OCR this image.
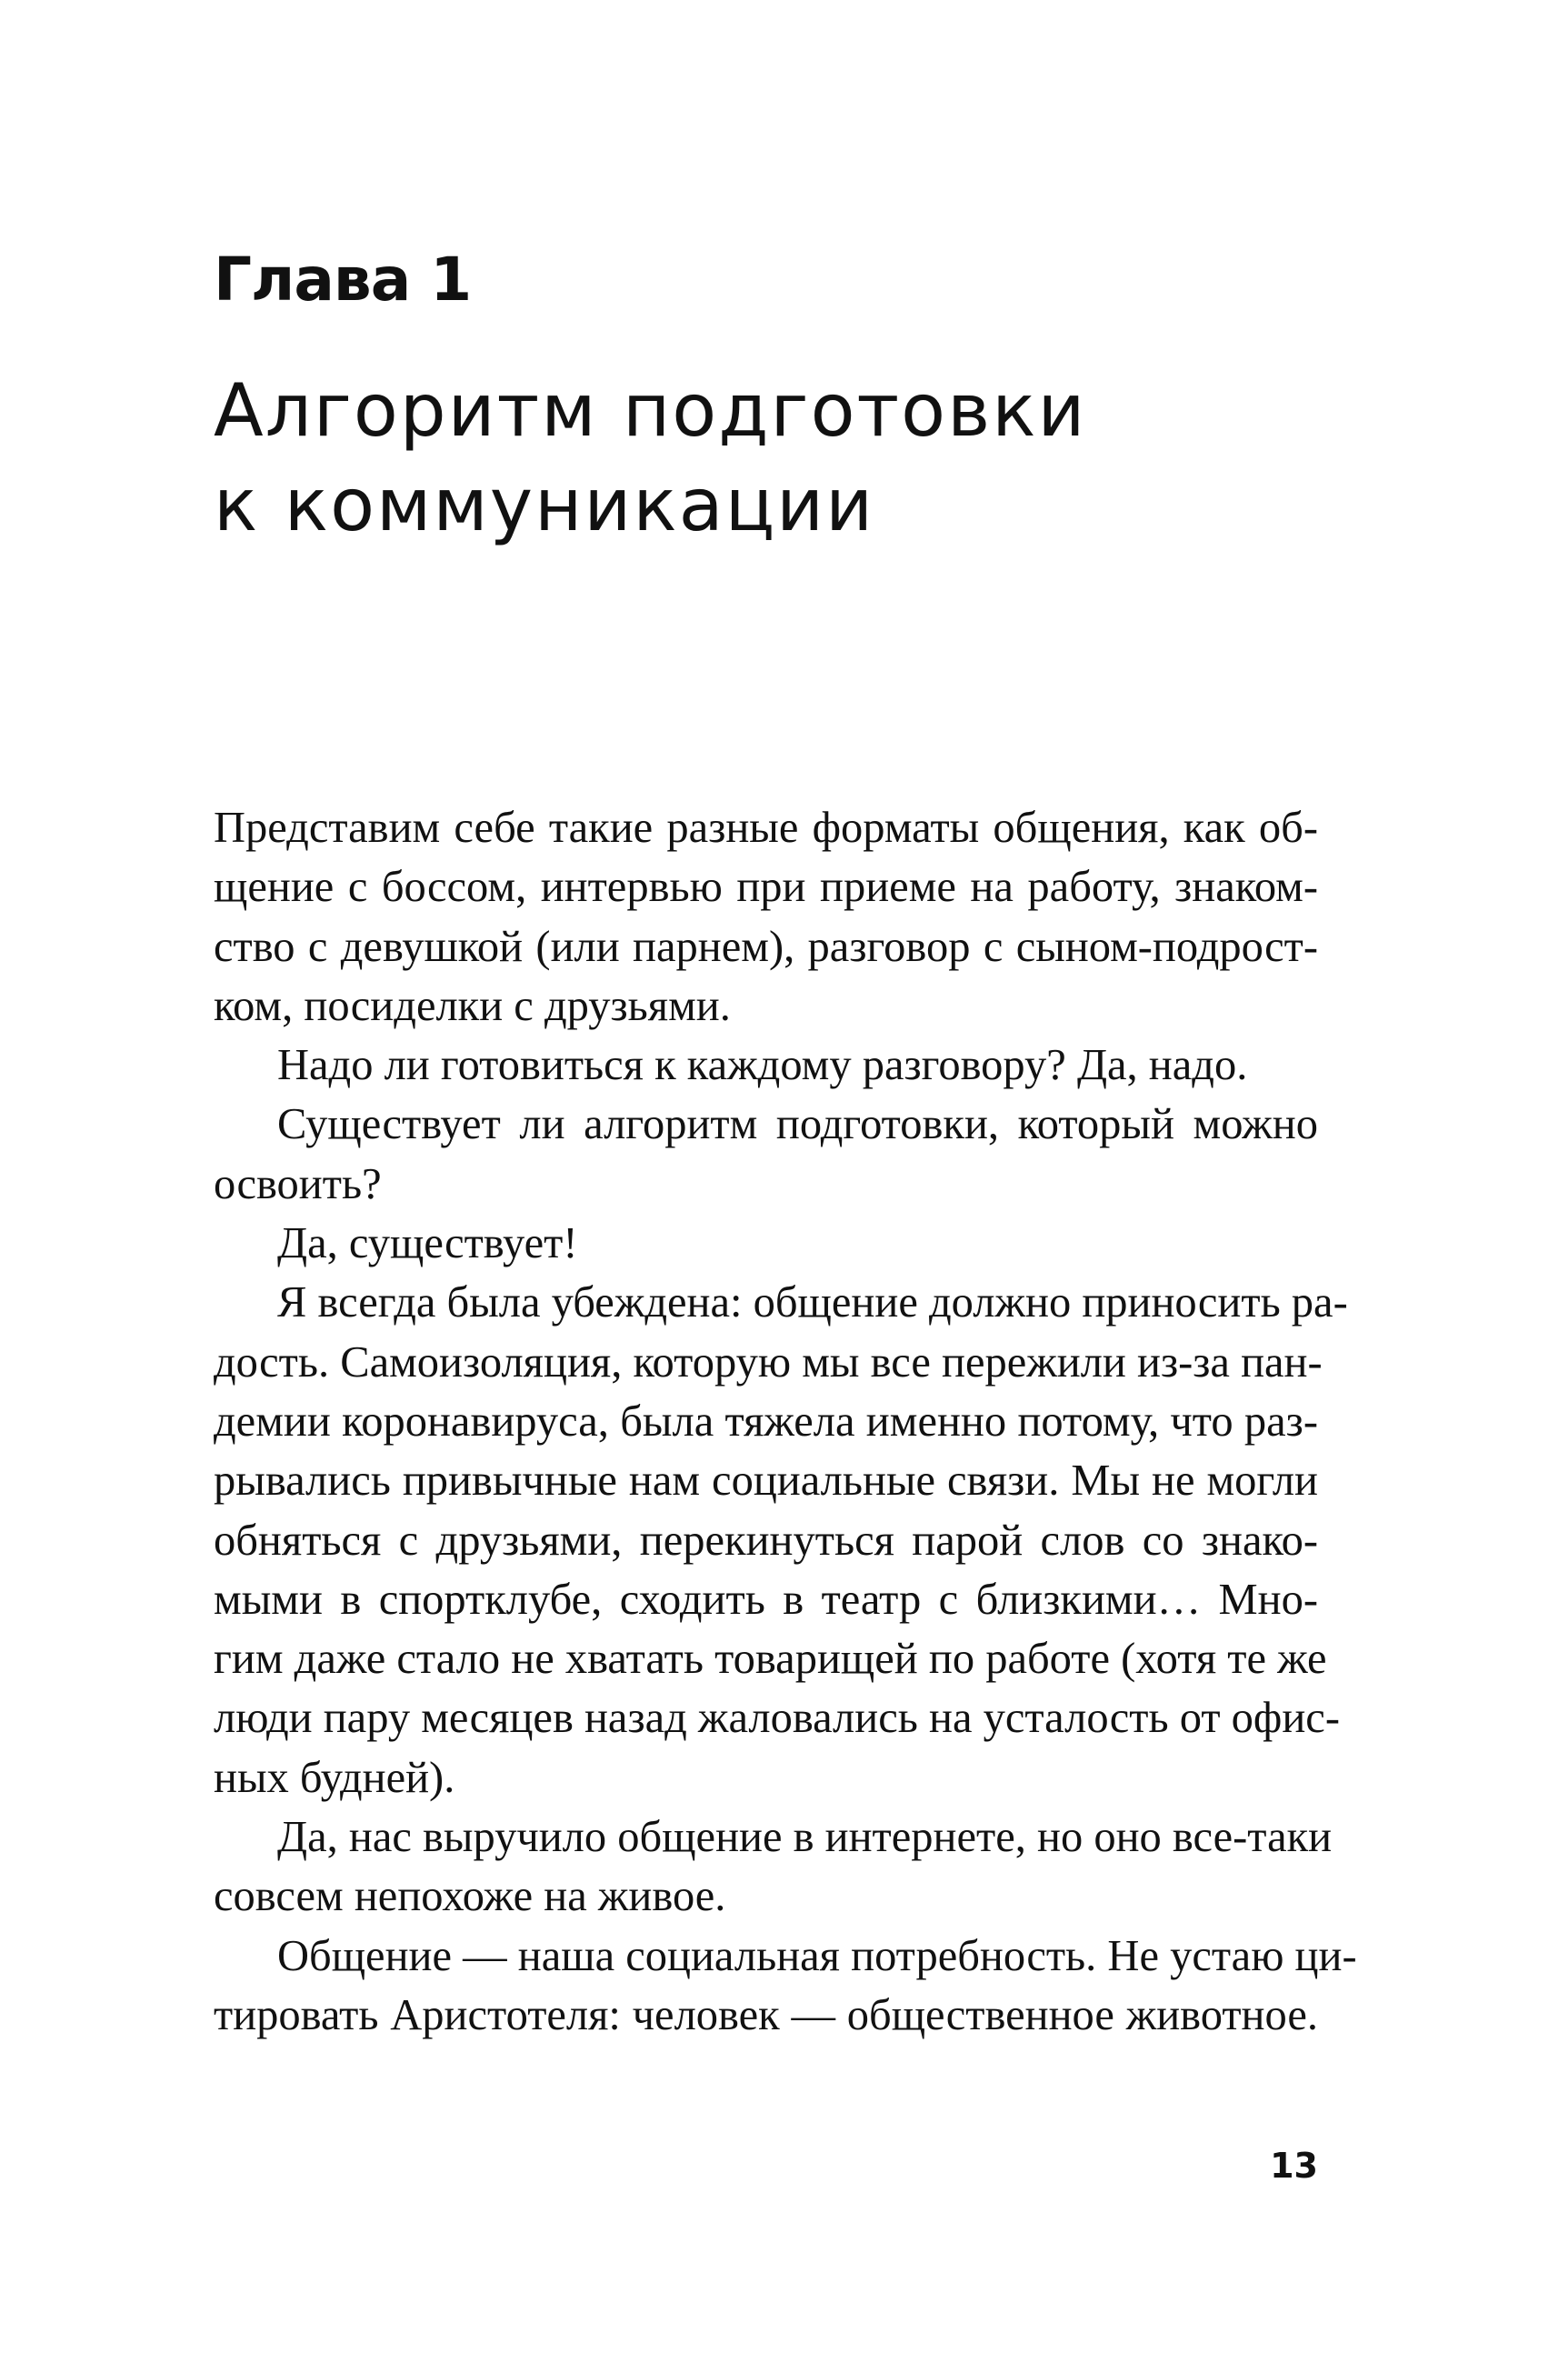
Глава 1
Алгоритм подготовки
к коммуникации
Представим себе такие разные форматы общения, как об-
щение с боссом, интервью при приеме на работу, знаком-
ство с девушкой (или парнем), разговор с сыном-подрост-
ком, посиделки с друзьями.
Надо ли готовиться к каждому разговору? Да, надо.
Существует ли алгоритм подготовки, который можно
освоить?
Да, существует!
Я всегда была убеждена: общение должно приносить ра-
дость. Самоизоляция, которую мы все пережили из-за пан-
демии коронавируса, была тяжела именно потому, что раз-
рывались привычные нам социальные связи. Мы не могли
обняться с друзьями, перекинуться парой слов со знако-
мыми в спортклубе, сходить в театр с близкими… Мно-
гим даже стало не хватать товарищей по работе (хотя те же
люди пару месяцев назад жаловались на усталость от офис-
ных будней).
Да, нас выручило общение в интернете, но оно все-таки
совсем непохоже на живое.
Общение — наша социальная потребность. Не устаю ци-
тировать Аристотеля: человек — общественное животное.
13
